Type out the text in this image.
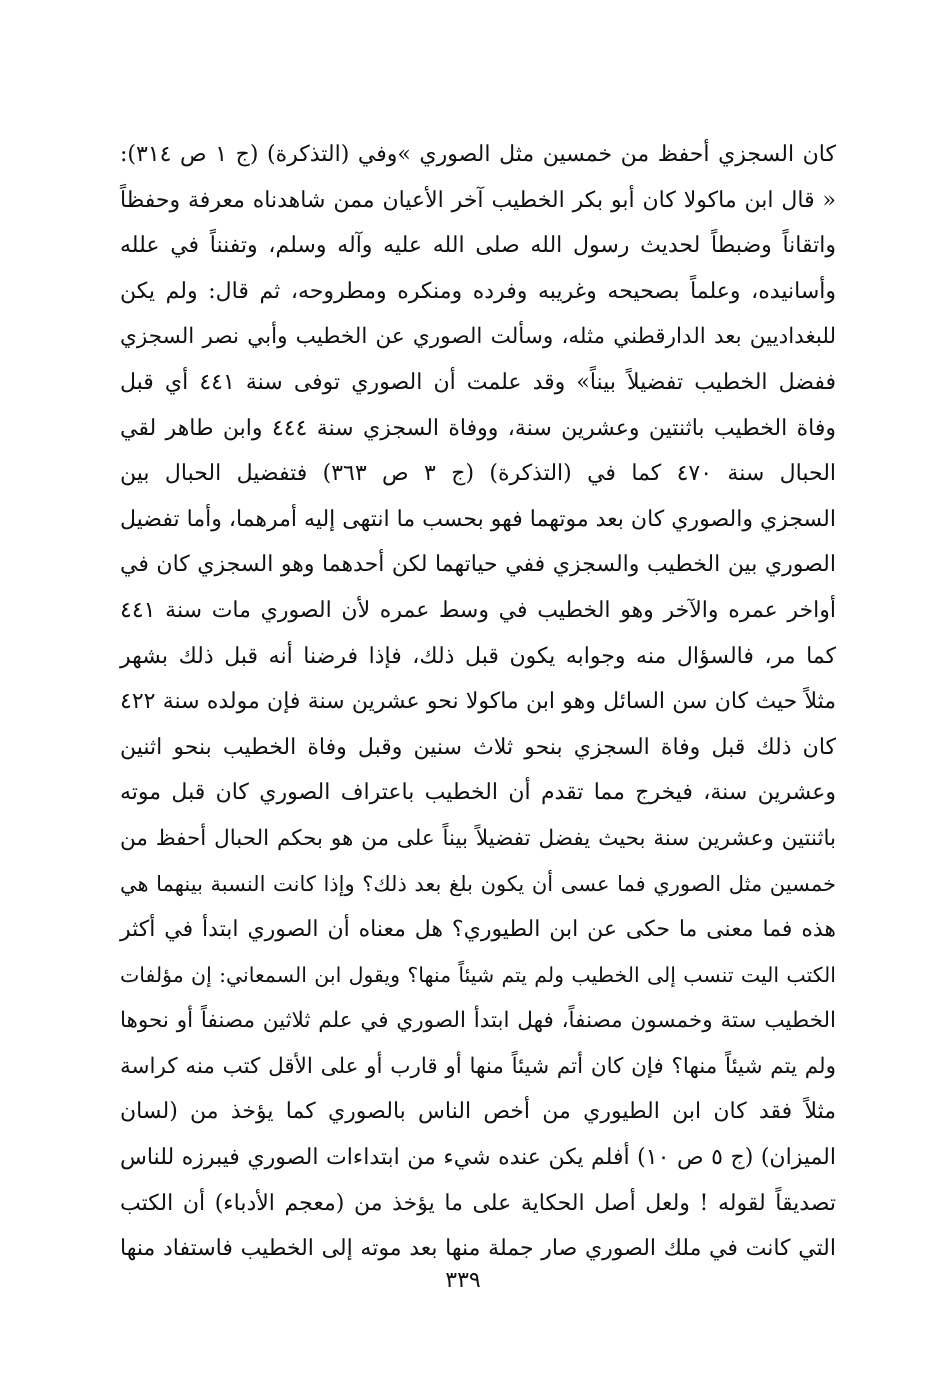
كان السجزي أحفظ من خمسين مثل الصوري »وفي (التذكرة) (ج ١ ص ٣١٤):
« قال ابن ماكولا كان أبو بكر الخطيب آخر الأعيان ممن شاهدناه معرفة وحفظاً
واتقاناً وضبطاً لحديث رسول الله صلى الله عليه وآله وسلم، وتفنناً في علله
وأسانيده، وعلماً بصحيحه وغريبه وفرده ومنكره ومطروحه، ثم قال: ولم يكن
للبغداديين بعد الدارقطني مثله، وسألت الصوري عن الخطيب وأبي نصر السجزي
ففضل الخطيب تفضيلاً بيناً» وقد علمت أن الصوري توفى سنة ٤٤١ أي قبل
وفاة الخطيب باثنتين وعشرين سنة، ووفاة السجزي سنة ٤٤٤ وابن طاهر لقي
الحبال سنة ٤٧٠ كما في (التذكرة) (ج ٣ ص ٣٦٣) فتفضيل الحبال بين
السجزي والصوري كان بعد موتهما فهو بحسب ما انتهى إليه أمرهما، وأما تفضيل
الصوري بين الخطيب والسجزي ففي حياتهما لكن أحدهما وهو السجزي كان في
أواخر عمره والآخر وهو الخطيب في وسط عمره لأن الصوري مات سنة ٤٤١
كما مر، فالسؤال منه وجوابه يكون قبل ذلك، فإذا فرضنا أنه قبل ذلك بشهر
مثلاً حيث كان سن السائل وهو ابن ماكولا نحو عشرين سنة فإن مولده سنة ٤٢٢
كان ذلك قبل وفاة السجزي بنحو ثلاث سنين وقبل وفاة الخطيب بنحو اثنين
وعشرين سنة، فيخرج مما تقدم أن الخطيب باعتراف الصوري كان قبل موته
باثنتين وعشرين سنة بحيث يفضل تفضيلاً بيناً على من هو بحكم الحبال أحفظ من
خمسين مثل الصوري فما عسى أن يكون بلغ بعد ذلك؟ وإذا كانت النسبة بينهما هي
هذه فما معنى ما حكى عن ابن الطيوري؟ هل معناه أن الصوري ابتدأ في أكثر
الكتب اليت تنسب إلى الخطيب ولم يتم شيئاً منها؟ ويقول ابن السمعاني: إن مؤلفات
الخطيب ستة وخمسون مصنفاً، فهل ابتدأ الصوري في علم ثلاثين مصنفاً أو نحوها
ولم يتم شيئاً منها؟ فإن كان أتم شيئاً منها أو قارب أو على الأقل كتب منه كراسة
مثلاً فقد كان ابن الطيوري من أخص الناس بالصوري كما يؤخذ من (لسان
الميزان) (ج ٥ ص ١٠) أفلم يكن عنده شيء من ابتداءات الصوري فيبرزه للناس
تصديقاً لقوله ! ولعل أصل الحكاية على ما يؤخذ من (معجم الأدباء) أن الكتب
التي كانت في ملك الصوري صار جملة منها بعد موته إلى الخطيب فاستفاد منها
٣٣٩
